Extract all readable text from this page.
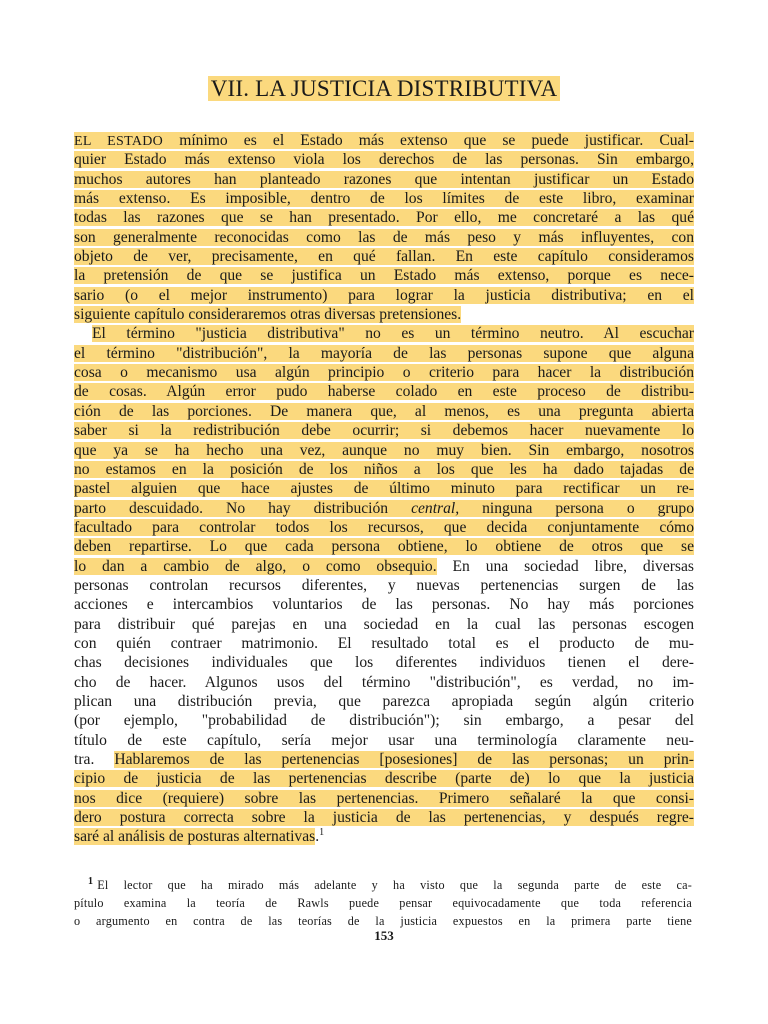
VII. LA JUSTICIA DISTRIBUTIVA
EL ESTADO mínimo es el Estado más extenso que se puede justificar. Cual-
quier Estado más extenso viola los derechos de las personas. Sin embargo,
muchos autores han planteado razones que intentan justificar un Estado
más extenso. Es imposible, dentro de los límites de este libro, examinar
todas las razones que se han presentado. Por ello, me concretaré a las qué
son generalmente reconocidas como las de más peso y más influyentes, con
objeto de ver, precisamente, en qué fallan. En este capítulo consideramos
la pretensión de que se justifica un Estado más extenso, porque es nece-
sario (o el mejor instrumento) para lograr la justicia distributiva; en el
siguiente capítulo consideraremos otras diversas pretensiones.
El término "justicia distributiva" no es un término neutro. Al escuchar
el término "distribución", la mayoría de las personas supone que alguna
cosa o mecanismo usa algún principio o criterio para hacer la distribución
de cosas. Algún error pudo haberse colado en este proceso de distribu-
ción de las porciones. De manera que, al menos, es una pregunta abierta
saber si la redistribución debe ocurrir; si debemos hacer nuevamente lo
que ya se ha hecho una vez, aunque no muy bien. Sin embargo, nosotros
no estamos en la posición de los niños a los que les ha dado tajadas de
pastel alguien que hace ajustes de último minuto para rectificar un re-
parto descuidado. No hay distribución central, ninguna persona o grupo
facultado para controlar todos los recursos, que decida conjuntamente cómo
deben repartirse. Lo que cada persona obtiene, lo obtiene de otros que se
lo dan a cambio de algo, o como obsequio. En una sociedad libre, diversas
personas controlan recursos diferentes, y nuevas pertenencias surgen de las
acciones e intercambios voluntarios de las personas. No hay más porciones
para distribuir qué parejas en una sociedad en la cual las personas escogen
con quién contraer matrimonio. El resultado total es el producto de mu-
chas decisiones individuales que los diferentes individuos tienen el dere-
cho de hacer. Algunos usos del término "distribución", es verdad, no im-
plican una distribución previa, que parezca apropiada según algún criterio
(por ejemplo, "probabilidad de distribución"); sin embargo, a pesar del
título de este capítulo, sería mejor usar una terminología claramente neu-
tra. Hablaremos de las pertenencias [posesiones] de las personas; un prin-
cipio de justicia de las pertenencias describe (parte de) lo que la justicia
nos dice (requiere) sobre las pertenencias. Primero señalaré la que consi-
dero postura correcta sobre la justicia de las pertenencias, y después regre-
saré al análisis de posturas alternativas.$^1$
$^1$ El lector que ha mirado más adelante y ha visto que la segunda parte de este ca-
pítulo examina la teoría de Rawls puede pensar equivocadamente que toda referencia
o argumento en contra de las teorías de la justicia expuestos en la primera parte tiene
153
